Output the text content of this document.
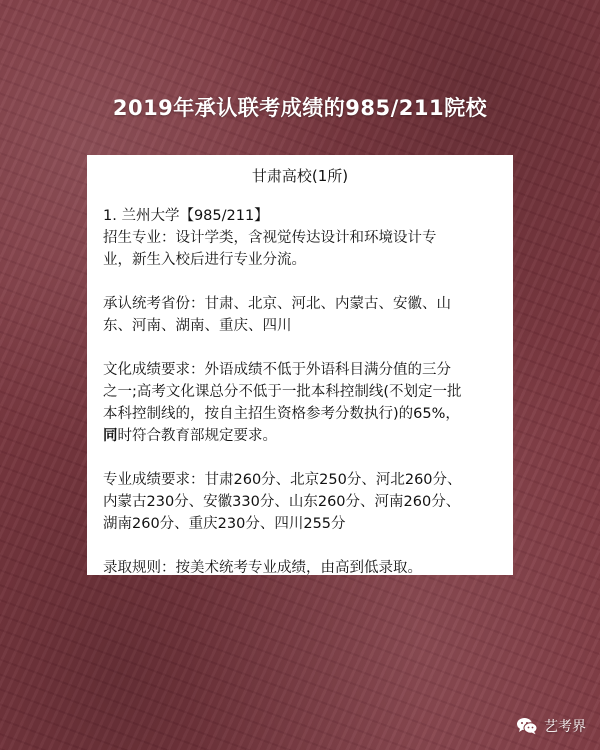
2019年承认联考成绩的985/211院校
甘肃高校(1所)
1. 兰州大学【985/211】
招生专业：设计学类，含视觉传达设计和环境设计专
业，新生入校后进行专业分流。
承认统考省份：甘肃、北京、河北、内蒙古、安徽、山
东、河南、湖南、重庆、四川
文化成绩要求：外语成绩不低于外语科目满分值的三分
之一;高考文化课总分不低于一批本科控制线(不划定一批
本科控制线的，按自主招生资格参考分数执行)的65%，
同时符合教育部规定要求。
专业成绩要求：甘肃260分、北京250分、河北260分、
内蒙古230分、安徽330分、山东260分、河南260分、
湖南260分、重庆230分、四川255分
录取规则：按美术统考专业成绩，由高到低录取。
艺考界
